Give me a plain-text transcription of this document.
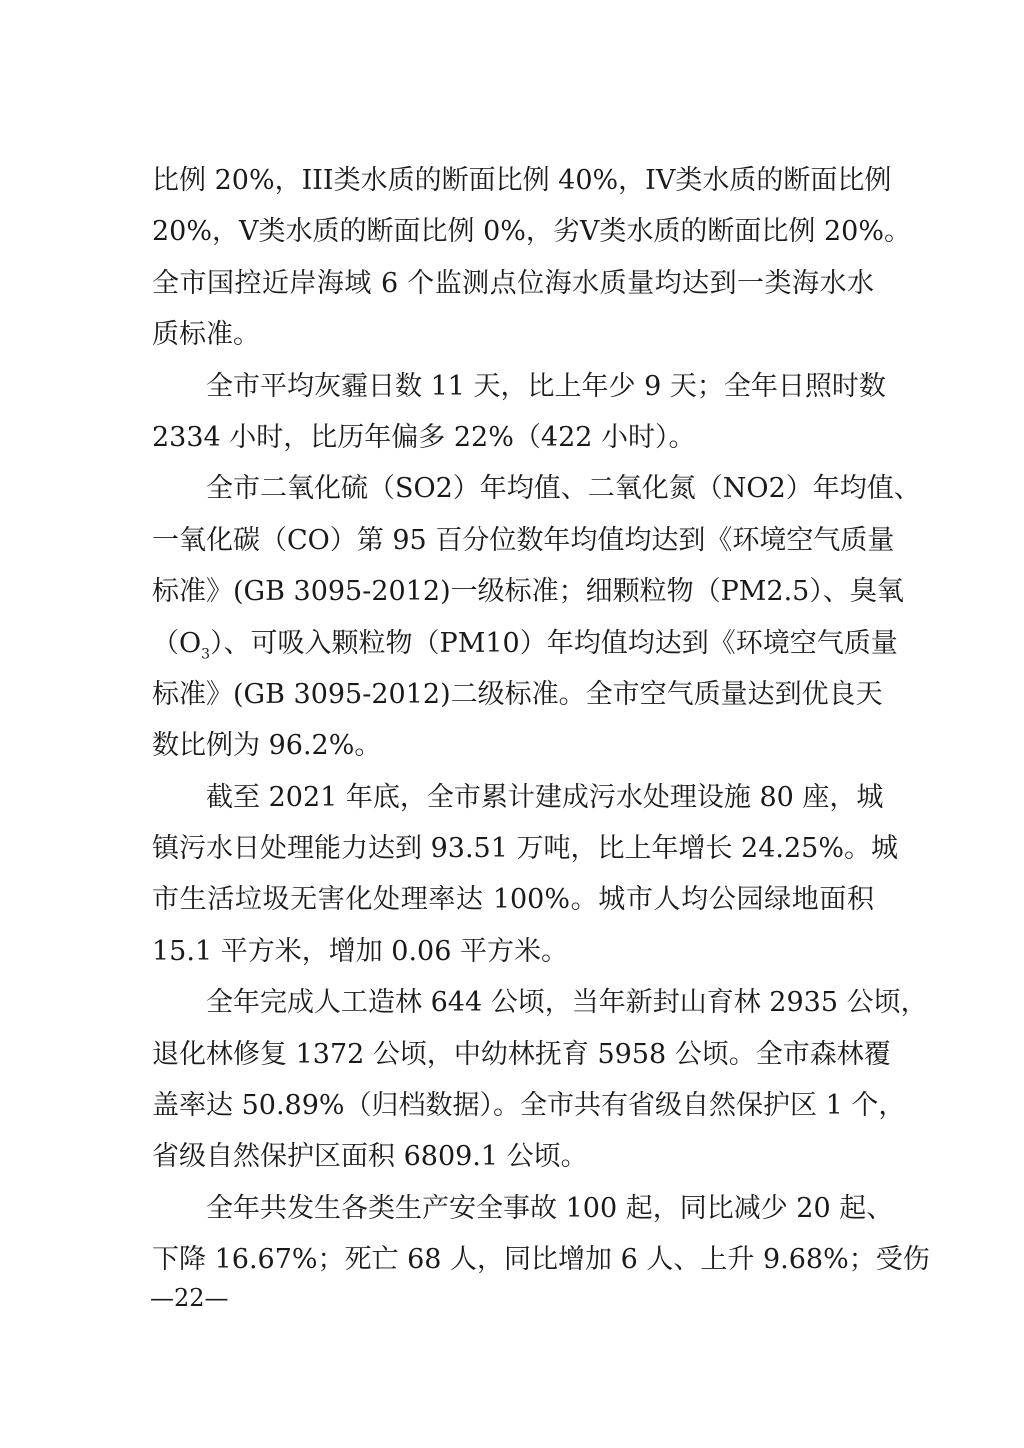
比例 20%，III类水质的断面比例 40%，IV类水质的断面比例
20%，V类水质的断面比例 0%，劣V类水质的断面比例 20%。
全市国控近岸海域 6 个监测点位海水质量均达到一类海水水
质标准。
全市平均灰霾日数 11 天，比上年少 9 天；全年日照时数
2334 小时，比历年偏多 22%（422 小时）。
全市二氧化硫（SO2）年均值、二氧化氮（NO2）年均值、
一氧化碳（CO）第 95 百分位数年均值均达到《环境空气质量
标准》(GB 3095-2012)一级标准；细颗粒物（PM2.5）、臭氧
$(O_3)$、可吸入颗粒物（PM10）年均值均达到《环境空气质量
标准》(GB 3095-2012)二级标准。全市空气质量达到优良天
数比例为 96.2%。
截至 2021 年底，全市累计建成污水处理设施 80 座，城
镇污水日处理能力达到 93.51 万吨，比上年增长 24.25%。城
市生活垃圾无害化处理率达 100%。城市人均公园绿地面积
15.1 平方米，增加 0.06 平方米。
全年完成人工造林 644 公顷，当年新封山育林 2935 公顷，
退化林修复 1372 公顷，中幼林抚育 5958 公顷。全市森林覆
盖率达 50.89%（归档数据）。全市共有省级自然保护区 1 个，
省级自然保护区面积 6809.1 公顷。
全年共发生各类生产安全事故 100 起，同比减少 20 起、
下降 16.67%；死亡 68 人，同比增加 6 人、上升 9.68%；受伤
—22—
